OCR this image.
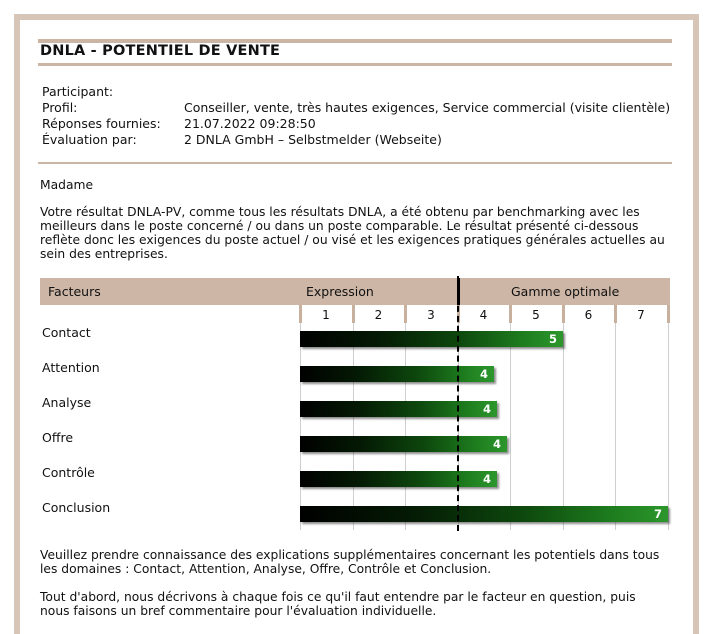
DNLA - POTENTIEL DE VENTE
Participant:
Profil:	Conseiller, vente, très hautes exigences, Service commercial (visite clientèle)
Réponses fournies: 21.07.2022 09:28:50
Évaluation par:	2 DNLA GmbH – Selbstmelder (Webseite)
Madame
Votre résultat DNLA-PV, comme tous les résultats DNLA, a été obtenu par benchmarking avec les
meilleurs dans le poste concerné / ou dans un poste comparable. Le résultat présenté ci-dessous
reflète donc les exigences du poste actuel / ou visé et les exigences pratiques générales actuelles au
sein des entreprises.
Facteurs	Expression	Gamme optimale
1	2	3	4	5	6	7
Contact	5
Attention	4
Analyse	4
Offre	4
Contrôle	4
Conclusion	7
Veuillez prendre connaissance des explications supplémentaires concernant les potentiels dans tous
les domaines : Contact, Attention, Analyse, Offre, Contrôle et Conclusion.
Tout d'abord, nous décrivons à chaque fois ce qu'il faut entendre par le facteur en question, puis
nous faisons un bref commentaire pour l'évaluation individuelle.
